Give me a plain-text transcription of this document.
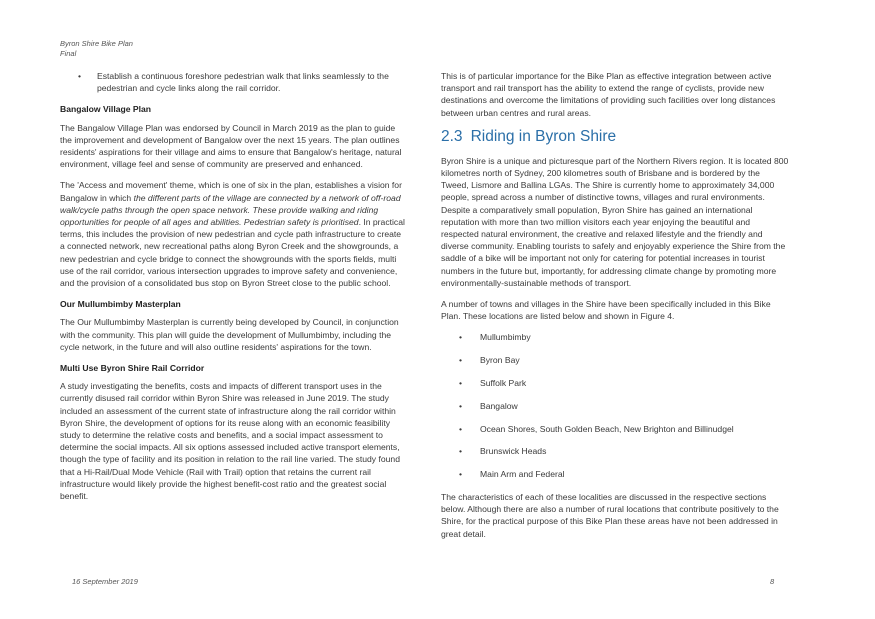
Byron Shire Bike Plan
Final
• Establish a continuous foreshore pedestrian walk that links seamlessly to the pedestrian and cycle links along the rail corridor.
Bangalow Village Plan

The Bangalow Village Plan was endorsed by Council in March 2019 as the plan to guide the improvement and development of Bangalow over the next 15 years. The plan outlines residents' aspirations for their village and aims to ensure that Bangalow's heritage, natural environment, village feel and sense of community are preserved and enhanced.

The 'Access and movement' theme, which is one of six in the plan, establishes a vision for Bangalow in which the different parts of the village are connected by a network of off-road walk/cycle paths through the open space network. These provide walking and riding opportunities for people of all ages and abilities. Pedestrian safety is prioritised. In practical terms, this includes the provision of new pedestrian and cycle path infrastructure to create a connected network, new recreational paths along Byron Creek and the showgrounds, a new pedestrian and cycle bridge to connect the showgrounds with the sports fields, multi use of the rail corridor, various intersection upgrades to improve safety and convenience, and the provision of a consolidated bus stop on Byron Street close to the public school.

Our Mullumbimby Masterplan

The Our Mullumbimby Masterplan is currently being developed by Council, in conjunction with the community. This plan will guide the development of Mullumbimby, including the cycle network, in the future and will also outline residents' aspirations for the town.

Multi Use Byron Shire Rail Corridor

A study investigating the benefits, costs and impacts of different transport uses in the currently disused rail corridor within Byron Shire was released in June 2019. The study included an assessment of the current state of infrastructure along the rail corridor within Byron Shire, the development of options for its reuse along with an economic feasibility study to determine the relative costs and benefits, and a social impact assessment to determine the social impacts. All six options assessed included active transport elements, though the type of facility and its position in relation to the rail line varied. The study found that a Hi-Rail/Dual Mode Vehicle (Rail with Trail) option that retains the current rail infrastructure would likely provide the highest benefit-cost ratio and the greatest social benefit.

This is of particular importance for the Bike Plan as effective integration between active transport and rail transport has the ability to extend the range of cyclists, provide new destinations and overcome the limitations of providing such facilities over long distances between urban centres and rural areas.

2.3 Riding in Byron Shire

Byron Shire is a unique and picturesque part of the Northern Rivers region. It is located 800 kilometres north of Sydney, 200 kilometres south of Brisbane and is bordered by the Tweed, Lismore and Ballina LGAs. The Shire is currently home to approximately 34,000 people, spread across a number of distinctive towns, villages and rural environments. Despite a comparatively small population, Byron Shire has gained an international reputation with more than two million visitors each year enjoying the beautiful and respected natural environment, the creative and relaxed lifestyle and the friendly and diverse community. Enabling tourists to safely and enjoyably experience the Shire from the saddle of a bike will be important not only for catering for potential increases in tourist numbers in the future but, importantly, for addressing climate change by promoting more environmentally-sustainable methods of transport.

A number of towns and villages in the Shire have been specifically included in this Bike Plan. These locations are listed below and shown in Figure 4.

• Mullumbimby
• Byron Bay
• Suffolk Park
• Bangalow
• Ocean Shores, South Golden Beach, New Brighton and Billinudgel
• Brunswick Heads
• Main Arm and Federal

The characteristics of each of these localities are discussed in the respective sections below. Although there are also a number of rural locations that contribute positively to the Shire, for the practical purpose of this Bike Plan these areas have not been addressed in great detail.

16 September 2019	8
